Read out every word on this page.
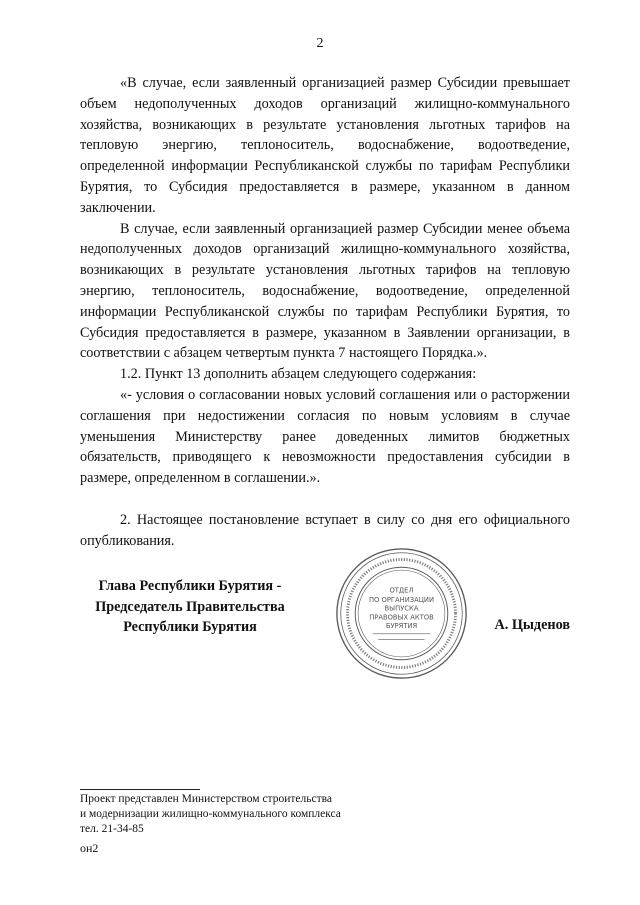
2

«В случае, если заявленный организацией размер Субсидии превышает объем недополученных доходов организаций жилищно-коммунального хозяйства, возникающих в результате установления льготных тарифов на тепловую энергию, теплоноситель, водоснабжение, водоотведение, определенной информации Республиканской службы по тарифам Республики Бурятия, то Субсидия предоставляется в размере, указанном в данном заключении.

В случае, если заявленный организацией размер Субсидии менее объема недополученных доходов организаций жилищно-коммунального хозяйства, возникающих в результате установления льготных тарифов на тепловую энергию, теплоноситель, водоснабжение, водоотведение, определенной информации Республиканской службы по тарифам Республики Бурятия, то Субсидия предоставляется в размере, указанном в Заявлении организации, в соответствии с абзацем четвертым пункта 7 настоящего Порядка.».

1.2. Пункт 13 дополнить абзацем следующего содержания:

«- условия о согласовании новых условий соглашения или о расторжении соглашения при недостижении согласия по новым условиям в случае уменьшения Министерству ранее доведенных лимитов бюджетных обязательств, приводящего к невозможности предоставления субсидии в размере, определенном в соглашении.».

2. Настоящее постановление вступает в силу со дня его официального опубликования.

Глава Республики Бурятия -
Председатель Правительства
Республики Бурятия
ОТДЕЛ
ПО ОРГАНИЗАЦИИ
ВЫПУСКА
ПРАВОВЫХ АКТОВ
БУРЯТИЯ	А. Цыденов
Проект представлен Министерством строительства
и модернизации жилищно-коммунального комплекса
тел. 21-34-85
он2
